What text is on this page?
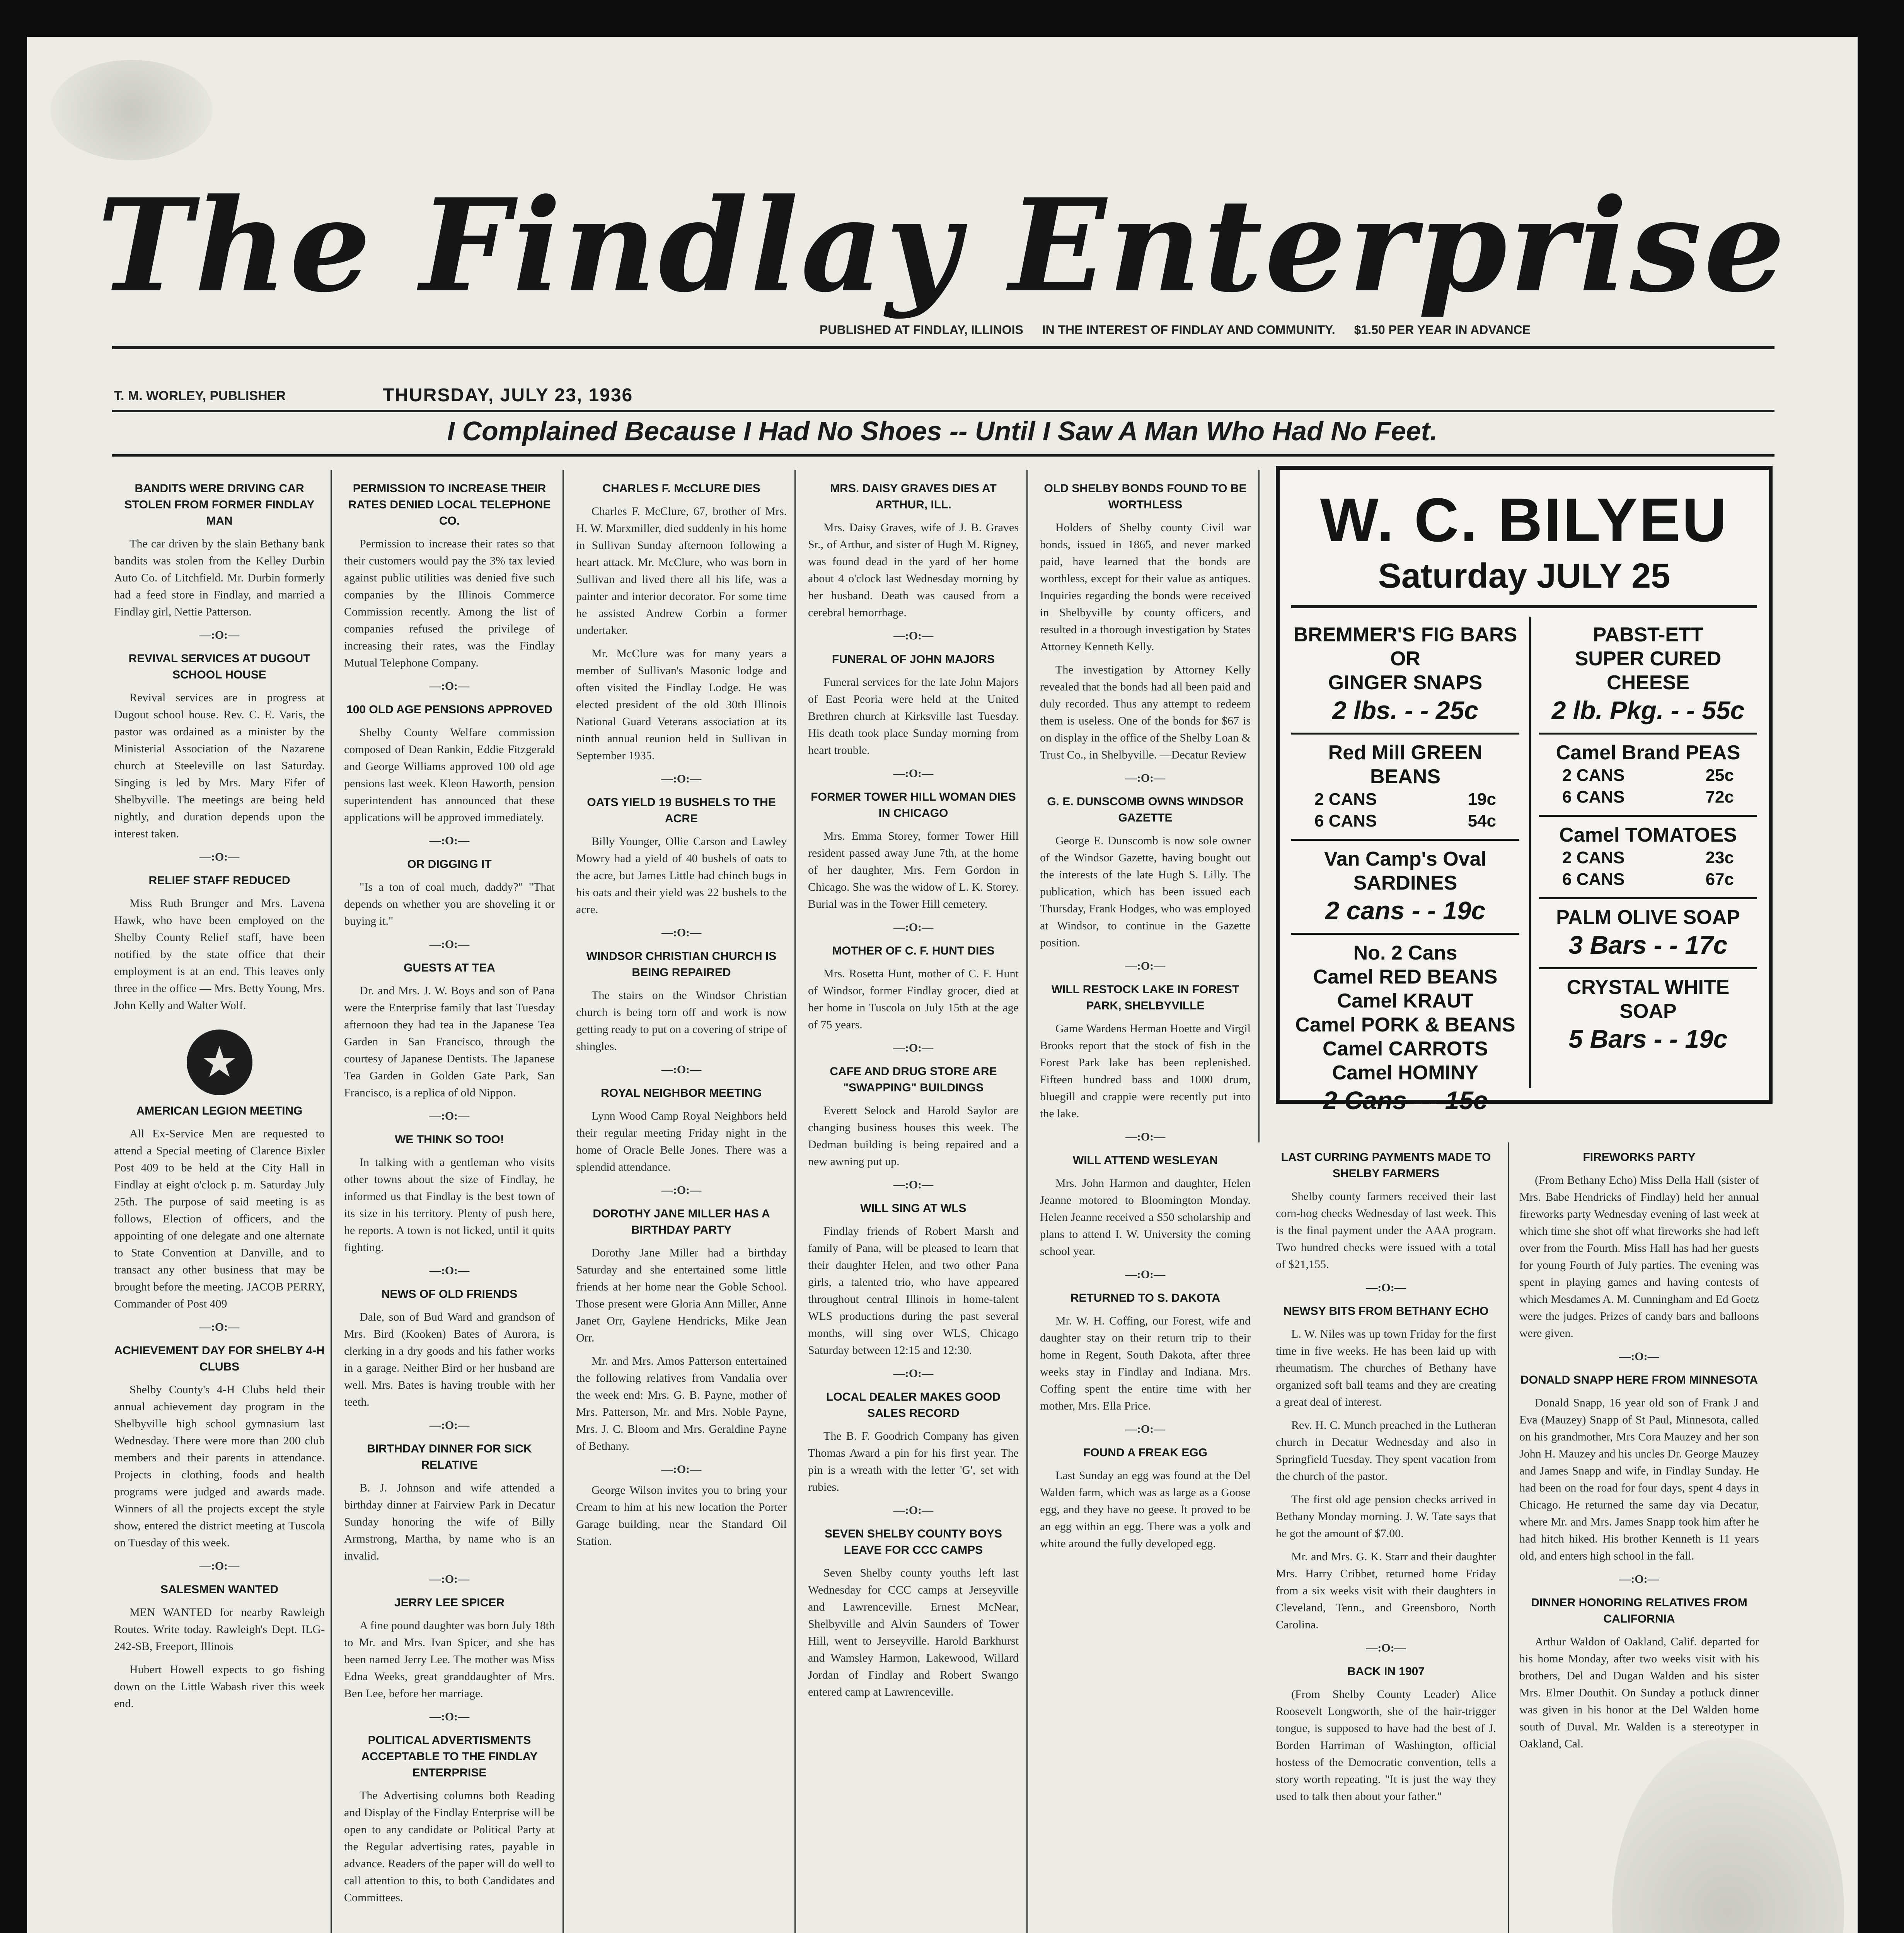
The Findlay Enterprise
PUBLISHED AT FINDLAY, ILLINOIS IN THE INTEREST OF FINDLAY AND COMMUNITY. $1.50 PER YEAR IN ADVANCE
T. M. WORLEY, PUBLISHER	THURSDAY, JULY 23, 1936
I Complained Because I Had No Shoes -- Until I Saw A Man Who Had No Feet.
BANDITS WERE DRIVING CAR STOLEN FROM FORMER FINDLAY MAN

The car driven by the slain Bethany bank bandits was stolen from the Kelley Durbin Auto Co. of Litchfield. Mr. Durbin formerly had a feed store in Findlay, and married a Findlay girl, Nettie Patterson.

—:O:—
REVIVAL SERVICES AT DUGOUT SCHOOL HOUSE

Revival services are in progress at Dugout school house. Rev. C. E. Varis, the pastor was ordained as a minister by the Ministerial Association of the Nazarene church at Steeleville on last Saturday. Singing is led by Mrs. Mary Fifer of Shelbyville. The meetings are being held nightly, and duration depends upon the interest taken.

—:O:—
RELIEF STAFF REDUCED

Miss Ruth Brunger and Mrs. Lavena Hawk, who have been employed on the Shelby County Relief staff, have been notified by the state office that their employment is at an end. This leaves only three in the office — Mrs. Betty Young, Mrs. John Kelly and Walter Wolf.

★
AMERICAN LEGION MEETING

All Ex-Service Men are requested to attend a Special meeting of Clarence Bixler Post 409 to be held at the City Hall in Findlay at eight o'clock p. m. Saturday July 25th. The purpose of said meeting is as follows, Election of officers, and the appointing of one delegate and one alternate to State Convention at Danville, and to transact any other business that may be brought before the meeting. JACOB PERRY, Commander of Post 409

—:O:—
ACHIEVEMENT DAY FOR SHELBY 4-H CLUBS

Shelby County's 4-H Clubs held their annual achievement day program in the Shelbyville high school gymnasium last Wednesday. There were more than 200 club members and their parents in attendance. Projects in clothing, foods and health programs were judged and awards made. Winners of all the projects except the style show, entered the district meeting at Tuscola on Tuesday of this week.

—:O:—
SALESMEN WANTED

MEN WANTED for nearby Rawleigh Routes. Write today. Rawleigh's Dept. ILG-242-SB, Freeport, Illinois

Hubert Howell expects to go fishing down on the Little Wabash river this week end.

PERMISSION TO INCREASE THEIR RATES DENIED LOCAL TELEPHONE CO.

Permission to increase their rates so that their customers would pay the 3% tax levied against public utilities was denied five such companies by the Illinois Commerce Commission recently. Among the list of companies refused the privilege of increasing their rates, was the Findlay Mutual Telephone Company.

—:O:—
100 OLD AGE PENSIONS APPROVED

Shelby County Welfare commission composed of Dean Rankin, Eddie Fitzgerald and George Williams approved 100 old age pensions last week. Kleon Haworth, pension superintendent has announced that these applications will be approved immediately.

—:O:—
OR DIGGING IT

"Is a ton of coal much, daddy?" "That depends on whether you are shoveling it or buying it."

—:O:—
GUESTS AT TEA

Dr. and Mrs. J. W. Boys and son of Pana were the Enterprise family that last Tuesday afternoon they had tea in the Japanese Tea Garden in San Francisco, through the courtesy of Japanese Dentists. The Japanese Tea Garden in Golden Gate Park, San Francisco, is a replica of old Nippon.

—:O:—
WE THINK SO TOO!

In talking with a gentleman who visits other towns about the size of Findlay, he informed us that Findlay is the best town of its size in his territory. Plenty of push here, he reports. A town is not licked, until it quits fighting.

—:O:—
NEWS OF OLD FRIENDS

Dale, son of Bud Ward and grandson of Mrs. Bird (Kooken) Bates of Aurora, is clerking in a dry goods and his father works in a garage. Neither Bird or her husband are well. Mrs. Bates is having trouble with her teeth.

—:O:—
BIRTHDAY DINNER FOR SICK RELATIVE

B. J. Johnson and wife attended a birthday dinner at Fairview Park in Decatur Sunday honoring the wife of Billy Armstrong, Martha, by name who is an invalid.

—:O:—
JERRY LEE SPICER

A fine pound daughter was born July 18th to Mr. and Mrs. Ivan Spicer, and she has been named Jerry Lee. The mother was Miss Edna Weeks, great granddaughter of Mrs. Ben Lee, before her marriage.

—:O:—
POLITICAL ADVERTISMENTS ACCEPTABLE TO THE FINDLAY ENTERPRISE

The Advertising columns both Reading and Display of the Findlay Enterprise will be open to any candidate or Political Party at the Regular advertising rates, payable in advance. Readers of the paper will do well to call attention to this, to both Candidates and Committees.

CHARLES F. McCLURE DIES

Charles F. McClure, 67, brother of Mrs. H. W. Marxmiller, died suddenly in his home in Sullivan Sunday afternoon following a heart attack. Mr. McClure, who was born in Sullivan and lived there all his life, was a painter and interior decorator. For some time he assisted Andrew Corbin a former undertaker.

Mr. McClure was for many years a member of Sullivan's Masonic lodge and often visited the Findlay Lodge. He was elected president of the old 30th Illinois National Guard Veterans association at its ninth annual reunion held in Sullivan in September 1935.

—:O:—
OATS YIELD 19 BUSHELS TO THE ACRE

Billy Younger, Ollie Carson and Lawley Mowry had a yield of 40 bushels of oats to the acre, but James Little had chinch bugs in his oats and their yield was 22 bushels to the acre.

—:O:—
WINDSOR CHRISTIAN CHURCH IS BEING REPAIRED

The stairs on the Windsor Christian church is being torn off and work is now getting ready to put on a covering of stripe of shingles.

—:O:—
ROYAL NEIGHBOR MEETING

Lynn Wood Camp Royal Neighbors held their regular meeting Friday night in the home of Oracle Belle Jones. There was a splendid attendance.

—:O:—
DOROTHY JANE MILLER HAS A BIRTHDAY PARTY

Dorothy Jane Miller had a birthday Saturday and she entertained some little friends at her home near the Goble School. Those present were Gloria Ann Miller, Anne Janet Orr, Gaylene Hendricks, Mike Jean Orr.

Mr. and Mrs. Amos Patterson entertained the following relatives from Vandalia over the week end: Mrs. G. B. Payne, mother of Mrs. Patterson, Mr. and Mrs. Noble Payne, Mrs. J. C. Bloom and Mrs. Geraldine Payne of Bethany.

—:O:—

George Wilson invites you to bring your Cream to him at his new location the Porter Garage building, near the Standard Oil Station.

MRS. DAISY GRAVES DIES AT ARTHUR, ILL.

Mrs. Daisy Graves, wife of J. B. Graves Sr., of Arthur, and sister of Hugh M. Rigney, was found dead in the yard of her home about 4 o'clock last Wednesday morning by her husband. Death was caused from a cerebral hemorrhage.

—:O:—
FUNERAL OF JOHN MAJORS

Funeral services for the late John Majors of East Peoria were held at the United Brethren church at Kirksville last Tuesday. His death took place Sunday morning from heart trouble.

—:O:—
FORMER TOWER HILL WOMAN DIES IN CHICAGO

Mrs. Emma Storey, former Tower Hill resident passed away June 7th, at the home of her daughter, Mrs. Fern Gordon in Chicago. She was the widow of L. K. Storey. Burial was in the Tower Hill cemetery.

—:O:—
MOTHER OF C. F. HUNT DIES

Mrs. Rosetta Hunt, mother of C. F. Hunt of Windsor, former Findlay grocer, died at her home in Tuscola on July 15th at the age of 75 years.

—:O:—
CAFE AND DRUG STORE ARE "SWAPPING" BUILDINGS

Everett Selock and Harold Saylor are changing business houses this week. The Dedman building is being repaired and a new awning put up.

—:O:—
WILL SING AT WLS

Findlay friends of Robert Marsh and family of Pana, will be pleased to learn that their daughter Helen, and two other Pana girls, a talented trio, who have appeared throughout central Illinois in home-talent WLS productions during the past several months, will sing over WLS, Chicago Saturday between 12:15 and 12:30.

—:O:—
LOCAL DEALER MAKES GOOD SALES RECORD

The B. F. Goodrich Company has given Thomas Award a pin for his first year. The pin is a wreath with the letter 'G', set with rubies.

—:O:—
SEVEN SHELBY COUNTY BOYS LEAVE FOR CCC CAMPS

Seven Shelby county youths left last Wednesday for CCC camps at Jerseyville and Lawrenceville. Ernest McNear, Shelbyville and Alvin Saunders of Tower Hill, went to Jerseyville. Harold Barkhurst and Wamsley Harmon, Lakewood, Willard Jordan of Findlay and Robert Swango entered camp at Lawrenceville.

OLD SHELBY BONDS FOUND TO BE WORTHLESS

Holders of Shelby county Civil war bonds, issued in 1865, and never marked paid, have learned that the bonds are worthless, except for their value as antiques. Inquiries regarding the bonds were received in Shelbyville by county officers, and resulted in a thorough investigation by States Attorney Kenneth Kelly.

The investigation by Attorney Kelly revealed that the bonds had all been paid and duly recorded. Thus any attempt to redeem them is useless. One of the bonds for $67 is on display in the office of the Shelby Loan & Trust Co., in Shelbyville. —Decatur Review

—:O:—
G. E. DUNSCOMB OWNS WINDSOR GAZETTE

George E. Dunscomb is now sole owner of the Windsor Gazette, having bought out the interests of the late Hugh S. Lilly. The publication, which has been issued each Thursday, Frank Hodges, who was employed at Windsor, to continue in the Gazette position.

—:O:—
WILL RESTOCK LAKE IN FOREST PARK, SHELBYVILLE

Game Wardens Herman Hoette and Virgil Brooks report that the stock of fish in the Forest Park lake has been replenished. Fifteen hundred bass and 1000 drum, bluegill and crappie were recently put into the lake.

—:O:—
WILL ATTEND WESLEYAN

Mrs. John Harmon and daughter, Helen Jeanne motored to Bloomington Monday. Helen Jeanne received a $50 scholarship and plans to attend I. W. University the coming school year.

—:O:—
RETURNED TO S. DAKOTA

Mr. W. H. Coffing, our Forest, wife and daughter stay on their return trip to their home in Regent, South Dakota, after three weeks stay in Findlay and Indiana. Mrs. Coffing spent the entire time with her mother, Mrs. Ella Price.

—:O:—
FOUND A FREAK EGG

Last Sunday an egg was found at the Del Walden farm, which was as large as a Goose egg, and they have no geese. It proved to be an egg within an egg. There was a yolk and white around the fully developed egg.

W. C. BILYEU
Saturday JULY 25
BREMMER'S FIG BARS
OR
GINGER SNAPS
2 lbs. - - 25c
Red Mill GREEN BEANS
2 CANS	19c
6 CANS	54c
Van Camp's Oval
SARDINES
2 cans - - 19c
No. 2 Cans
Camel RED BEANS
Camel KRAUT
Camel PORK & BEANS
Camel CARROTS
Camel HOMINY
2 Cans - - 15c
PABST-ETT
SUPER CURED
CHEESE
2 lb. Pkg. - - 55c
Camel Brand PEAS
2 CANS	25c
6 CANS	72c
Camel TOMATOES
2 CANS	23c
6 CANS	67c
PALM OLIVE SOAP
3 Bars - - 17c
CRYSTAL WHITE SOAP
5 Bars - - 19c
LAST CURRING PAYMENTS MADE TO SHELBY FARMERS

Shelby county farmers received their last corn-hog checks Wednesday of last week. This is the final payment under the AAA program. Two hundred checks were issued with a total of $21,155.

—:O:—
NEWSY BITS FROM BETHANY ECHO

L. W. Niles was up town Friday for the first time in five weeks. He has been laid up with rheumatism. The churches of Bethany have organized soft ball teams and they are creating a great deal of interest.

Rev. H. C. Munch preached in the Lutheran church in Decatur Wednesday and also in Springfield Tuesday. They spent vacation from the church of the pastor.

The first old age pension checks arrived in Bethany Monday morning. J. W. Tate says that he got the amount of $7.00.

Mr. and Mrs. G. K. Starr and their daughter Mrs. Harry Cribbet, returned home Friday from a six weeks visit with their daughters in Cleveland, Tenn., and Greensboro, North Carolina.

—:O:—
BACK IN 1907

(From Shelby County Leader) Alice Roosevelt Longworth, she of the hair-trigger tongue, is supposed to have had the best of J. Borden Harriman of Washington, official hostess of the Democratic convention, tells a story worth repeating. "It is just the way they used to talk then about your father."

FIREWORKS PARTY

(From Bethany Echo) Miss Della Hall (sister of Mrs. Babe Hendricks of Findlay) held her annual fireworks party Wednesday evening of last week at which time she shot off what fireworks she had left over from the Fourth. Miss Hall has had her guests for young Fourth of July parties. The evening was spent in playing games and having contests of which Mesdames A. M. Cunningham and Ed Goetz were the judges. Prizes of candy bars and balloons were given.

—:O:—
DONALD SNAPP HERE FROM MINNESOTA

Donald Snapp, 16 year old son of Frank J and Eva (Mauzey) Snapp of St Paul, Minnesota, called on his grandmother, Mrs Cora Mauzey and her son John H. Mauzey and his uncles Dr. George Mauzey and James Snapp and wife, in Findlay Sunday. He had been on the road for four days, spent 4 days in Chicago. He returned the same day via Decatur, where Mr. and Mrs. James Snapp took him after he had hitch hiked. His brother Kenneth is 11 years old, and enters high school in the fall.

—:O:—
DINNER HONORING RELATIVES FROM CALIFORNIA

Arthur Waldon of Oakland, Calif. departed for his home Monday, after two weeks visit with his brothers, Del and Dugan Walden and his sister Mrs. Elmer Douthit. On Sunday a potluck dinner was given in his honor at the Del Walden home south of Duval. Mr. Walden is a stereotyper in Oakland, Cal.
